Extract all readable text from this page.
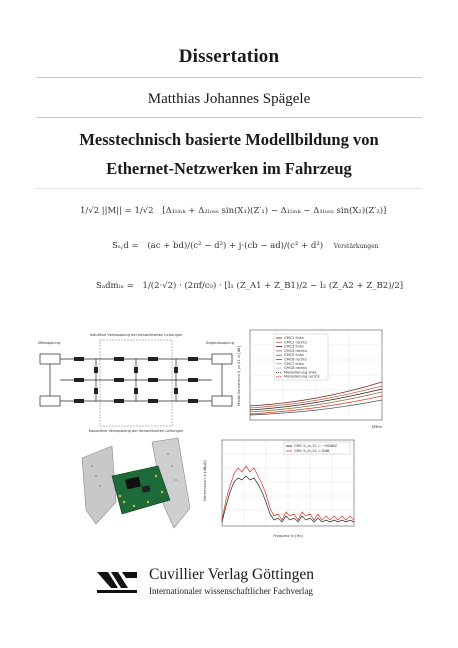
Dissertation
Matthias Johannes Spägele
Messtechnisch basierte Modellbildung von
Ethernet-Netzwerken im Fahrzeug
1/√2 ||M|| = 1/√2 [Δ₁ₗᵢₙₖ + Δ₂ₗₒₛₛ sin(X₁)(Z′₁) − Δ₁ₗᵢₙₖ − Δ₁ₗₒₛₛ sin(X₂)(Z′₂)]
Sₛ,d = (ac + bd)/(c² − d²) + j·(cb − ad)/(c² + d²) Verstärkungen
Sₐdmᵢₙ = 1/(2·√2) · (2πf/c₀) · [l₁ (Z_A1 + Z_B1)/2 − l₂ (Z_A2 + Z_B2)/2]
Induktive Verkopplung der benachbarten Leitungen
Mitkopplung	Gegenkopplung
Kapazitive Verkopplung der benachbarten Leitungen
Modal Konversion S_cc,21 in [dB]
CMC1 links
CMC2 rechts
CMC3 links
CMC4 rechts
CMC5 links
CMC6 rechts
CMC7 links
CMC8 rechts
Modellierung links
Modellierung rechts
f/MHz
Störemission in [dBµA]
CMC S_cc,21 = −60dBZ
CMC S_cc,21 = 8dB
Frequenz in [Hz]
Cuvillier Verlag Göttingen
Internationaler wissenschaftlicher Fachverlag
